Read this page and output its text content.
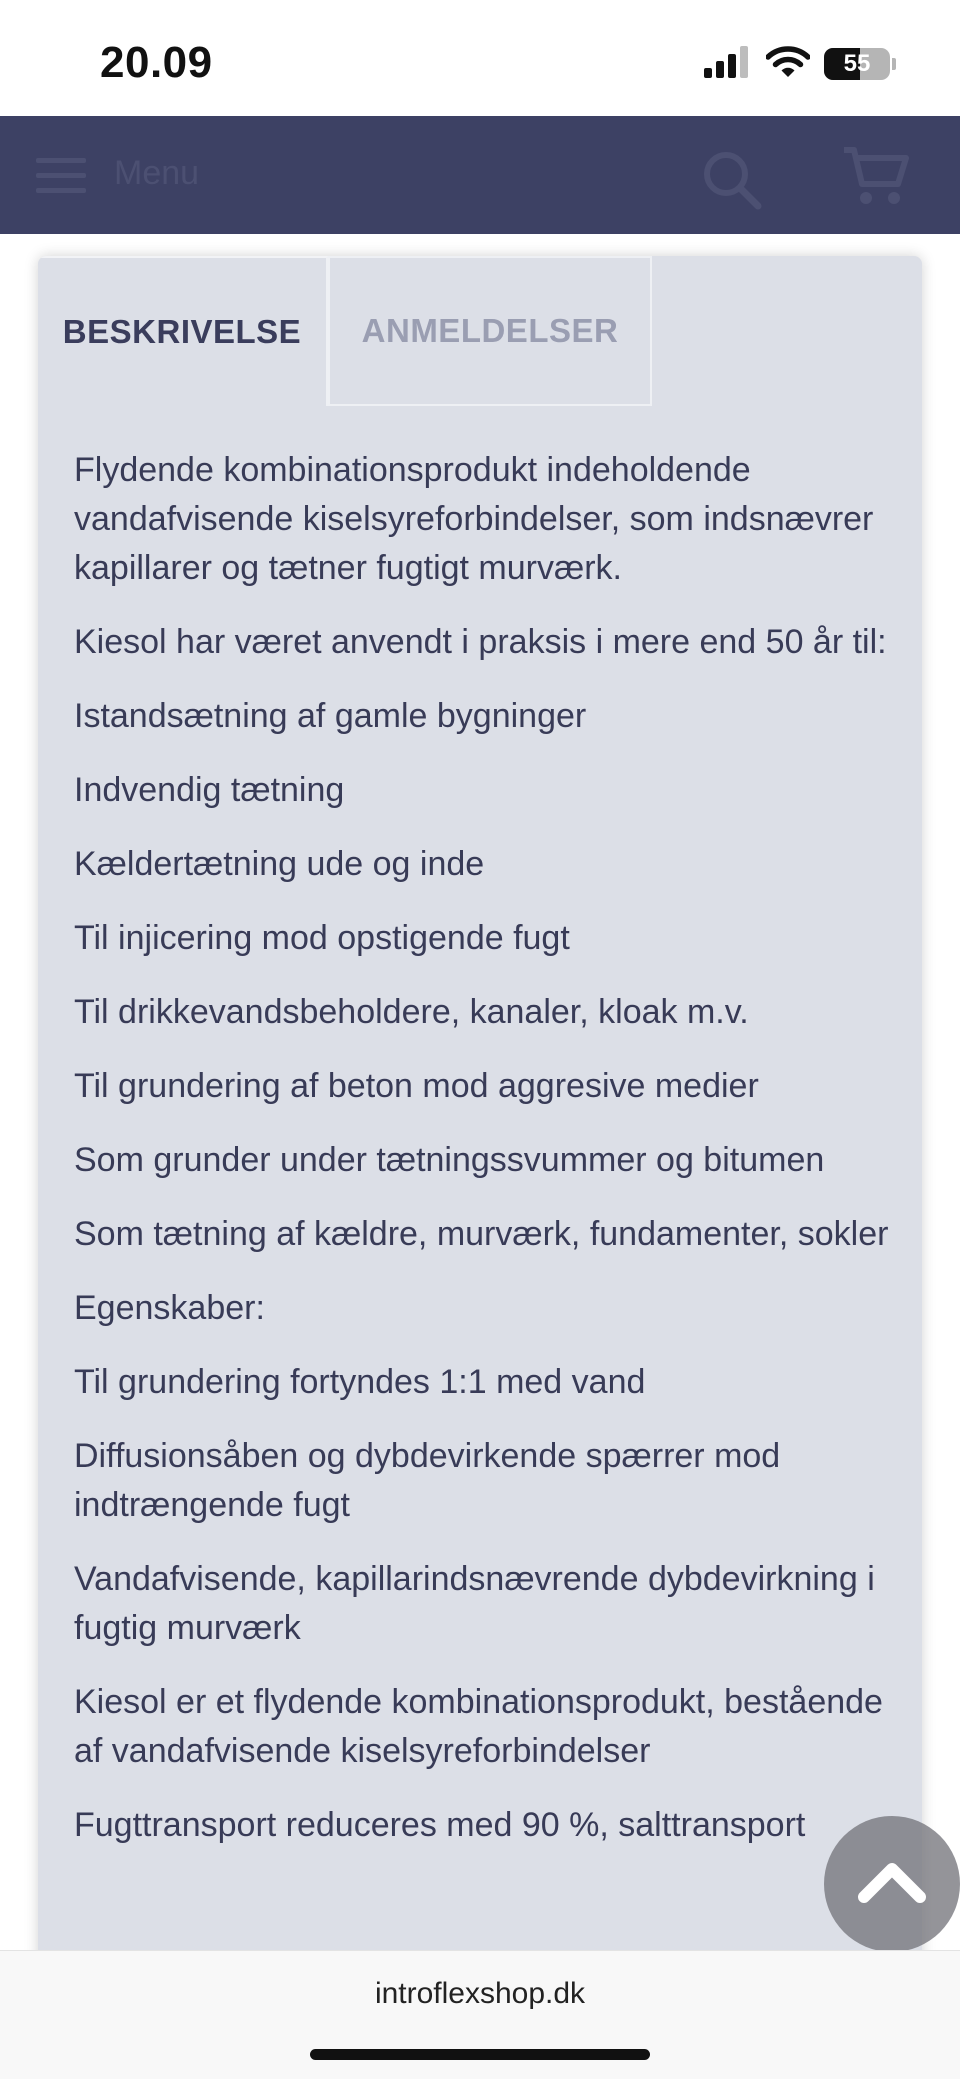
20.09	55
Menu
BESKRIVELSE	ANMELDELSER

Flydende kombinationsprodukt indeholdende vandafvisende kiselsyreforbindelser, som indsnævrer kapillarer og tætner fugtigt murværk.

Kiesol har været anvendt i praksis i mere end 50 år til:

Istandsætning af gamle bygninger

Indvendig tætning

Kældertætning ude og inde

Til injicering mod opstigende fugt

Til drikkevandsbeholdere, kanaler, kloak m.v.

Til grundering af beton mod aggresive medier

Som grunder under tætningssvummer og bitumen

Som tætning af kældre, murværk, fundamenter, sokler

Egenskaber:

Til grundering fortyndes 1:1 med vand

Diffusionsåben og dybdevirkende spærrer mod indtrængende fugt

Vandafvisende, kapillarindsnævrende dybdevirkning i fugtig murværk

Kiesol er et flydende kombinationsprodukt, bestående af vandafvisende kiselsyreforbindelser

Fugttransport reduceres med 90 %, salttransport

introflexshop.dk
